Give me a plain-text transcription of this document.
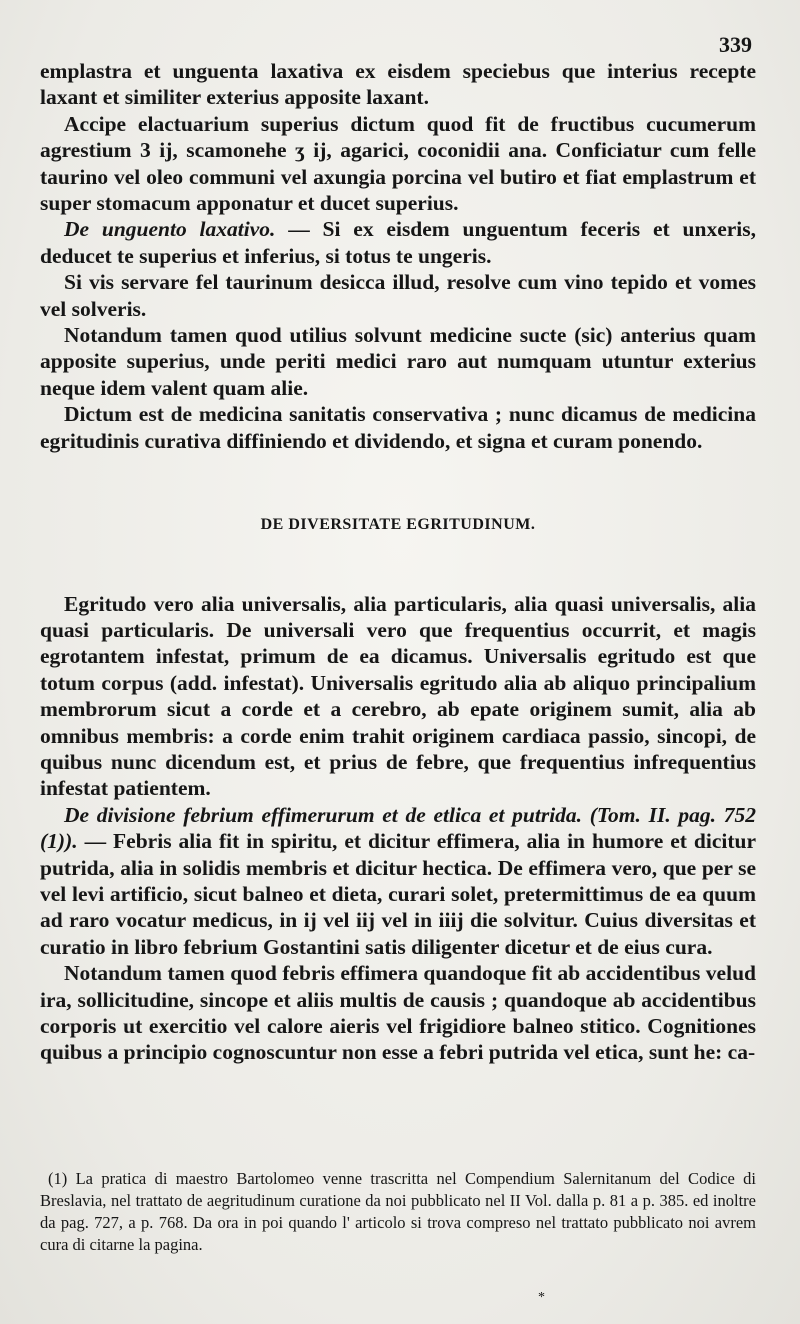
339

emplastra et unguenta laxativa ex eisdem speciebus que interius recepte laxant et similiter exterius apposite laxant.

Accipe elactuarium superius dictum quod fit de fructibus cucumerum agrestium 3 ij, scamonehe ʒ ij, agarici, coconidii ana. Conficiatur cum felle taurino vel oleo communi vel axungia porcina vel butiro et fiat emplastrum et super stomacum apponatur et ducet superius.

De unguento laxativo. — Si ex eisdem unguentum feceris et unxeris, deducet te superius et inferius, si totus te ungeris.

Si vis servare fel taurinum desicca illud, resolve cum vino tepido et vomes vel solveris.

Notandum tamen quod utilius solvunt medicine sucte (sic) anterius quam apposite superius, unde periti medici raro aut numquam utuntur exterius neque idem valent quam alie.

Dictum est de medicina sanitatis conservativa ; nunc dicamus de medicina egritudinis curativa diffiniendo et dividendo, et signa et curam ponendo.

DE DIVERSITATE EGRITUDINUM.

Egritudo vero alia universalis, alia particularis, alia quasi universalis, alia quasi particularis. De universali vero que frequentius occurrit, et magis egrotantem infestat, primum de ea dicamus. Universalis egritudo est que totum corpus (add. infestat). Universalis egritudo alia ab aliquo principalium membrorum sicut a corde et a cerebro, ab epate originem sumit, alia ab omnibus membris: a corde enim trahit originem cardiaca passio, sincopi, de quibus nunc dicendum est, et prius de febre, que frequentius infrequentius infestat patientem.

De divisione febrium effimerurum et de etlica et putrida. (Tom. II. pag. 752 (1)). — Febris alia fit in spiritu, et dicitur effimera, alia in humore et dicitur putrida, alia in solidis membris et dicitur hectica. De effimera vero, que per se vel levi artificio, sicut balneo et dieta, curari solet, pretermittimus de ea quum ad raro vocatur medicus, in ij vel iij vel in iiij die solvitur. Cuius diversitas et curatio in libro febrium Gostantini satis diligenter dicetur et de eius cura.

Notandum tamen quod febris effimera quandoque fit ab accidentibus velud ira, sollicitudine, sincope et aliis multis de causis ; quandoque ab accidentibus corporis ut exercitio vel calore aieris vel frigidiore balneo stitico. Cognitiones quibus a principio cognoscuntur non esse a febri putrida vel etica, sunt he: ca-

(1) La pratica di maestro Bartolomeo venne trascritta nel Compendium Salernitanum del Codice di Breslavia, nel trattato de aegritudinum curatione da noi pubblicato nel II Vol. dalla p. 81 a p. 385. ed inoltre da pag. 727, a p. 768. Da ora in poi quando l' articolo si trova compreso nel trattato pubblicato noi avrem cura di citarne la pagina.

*
